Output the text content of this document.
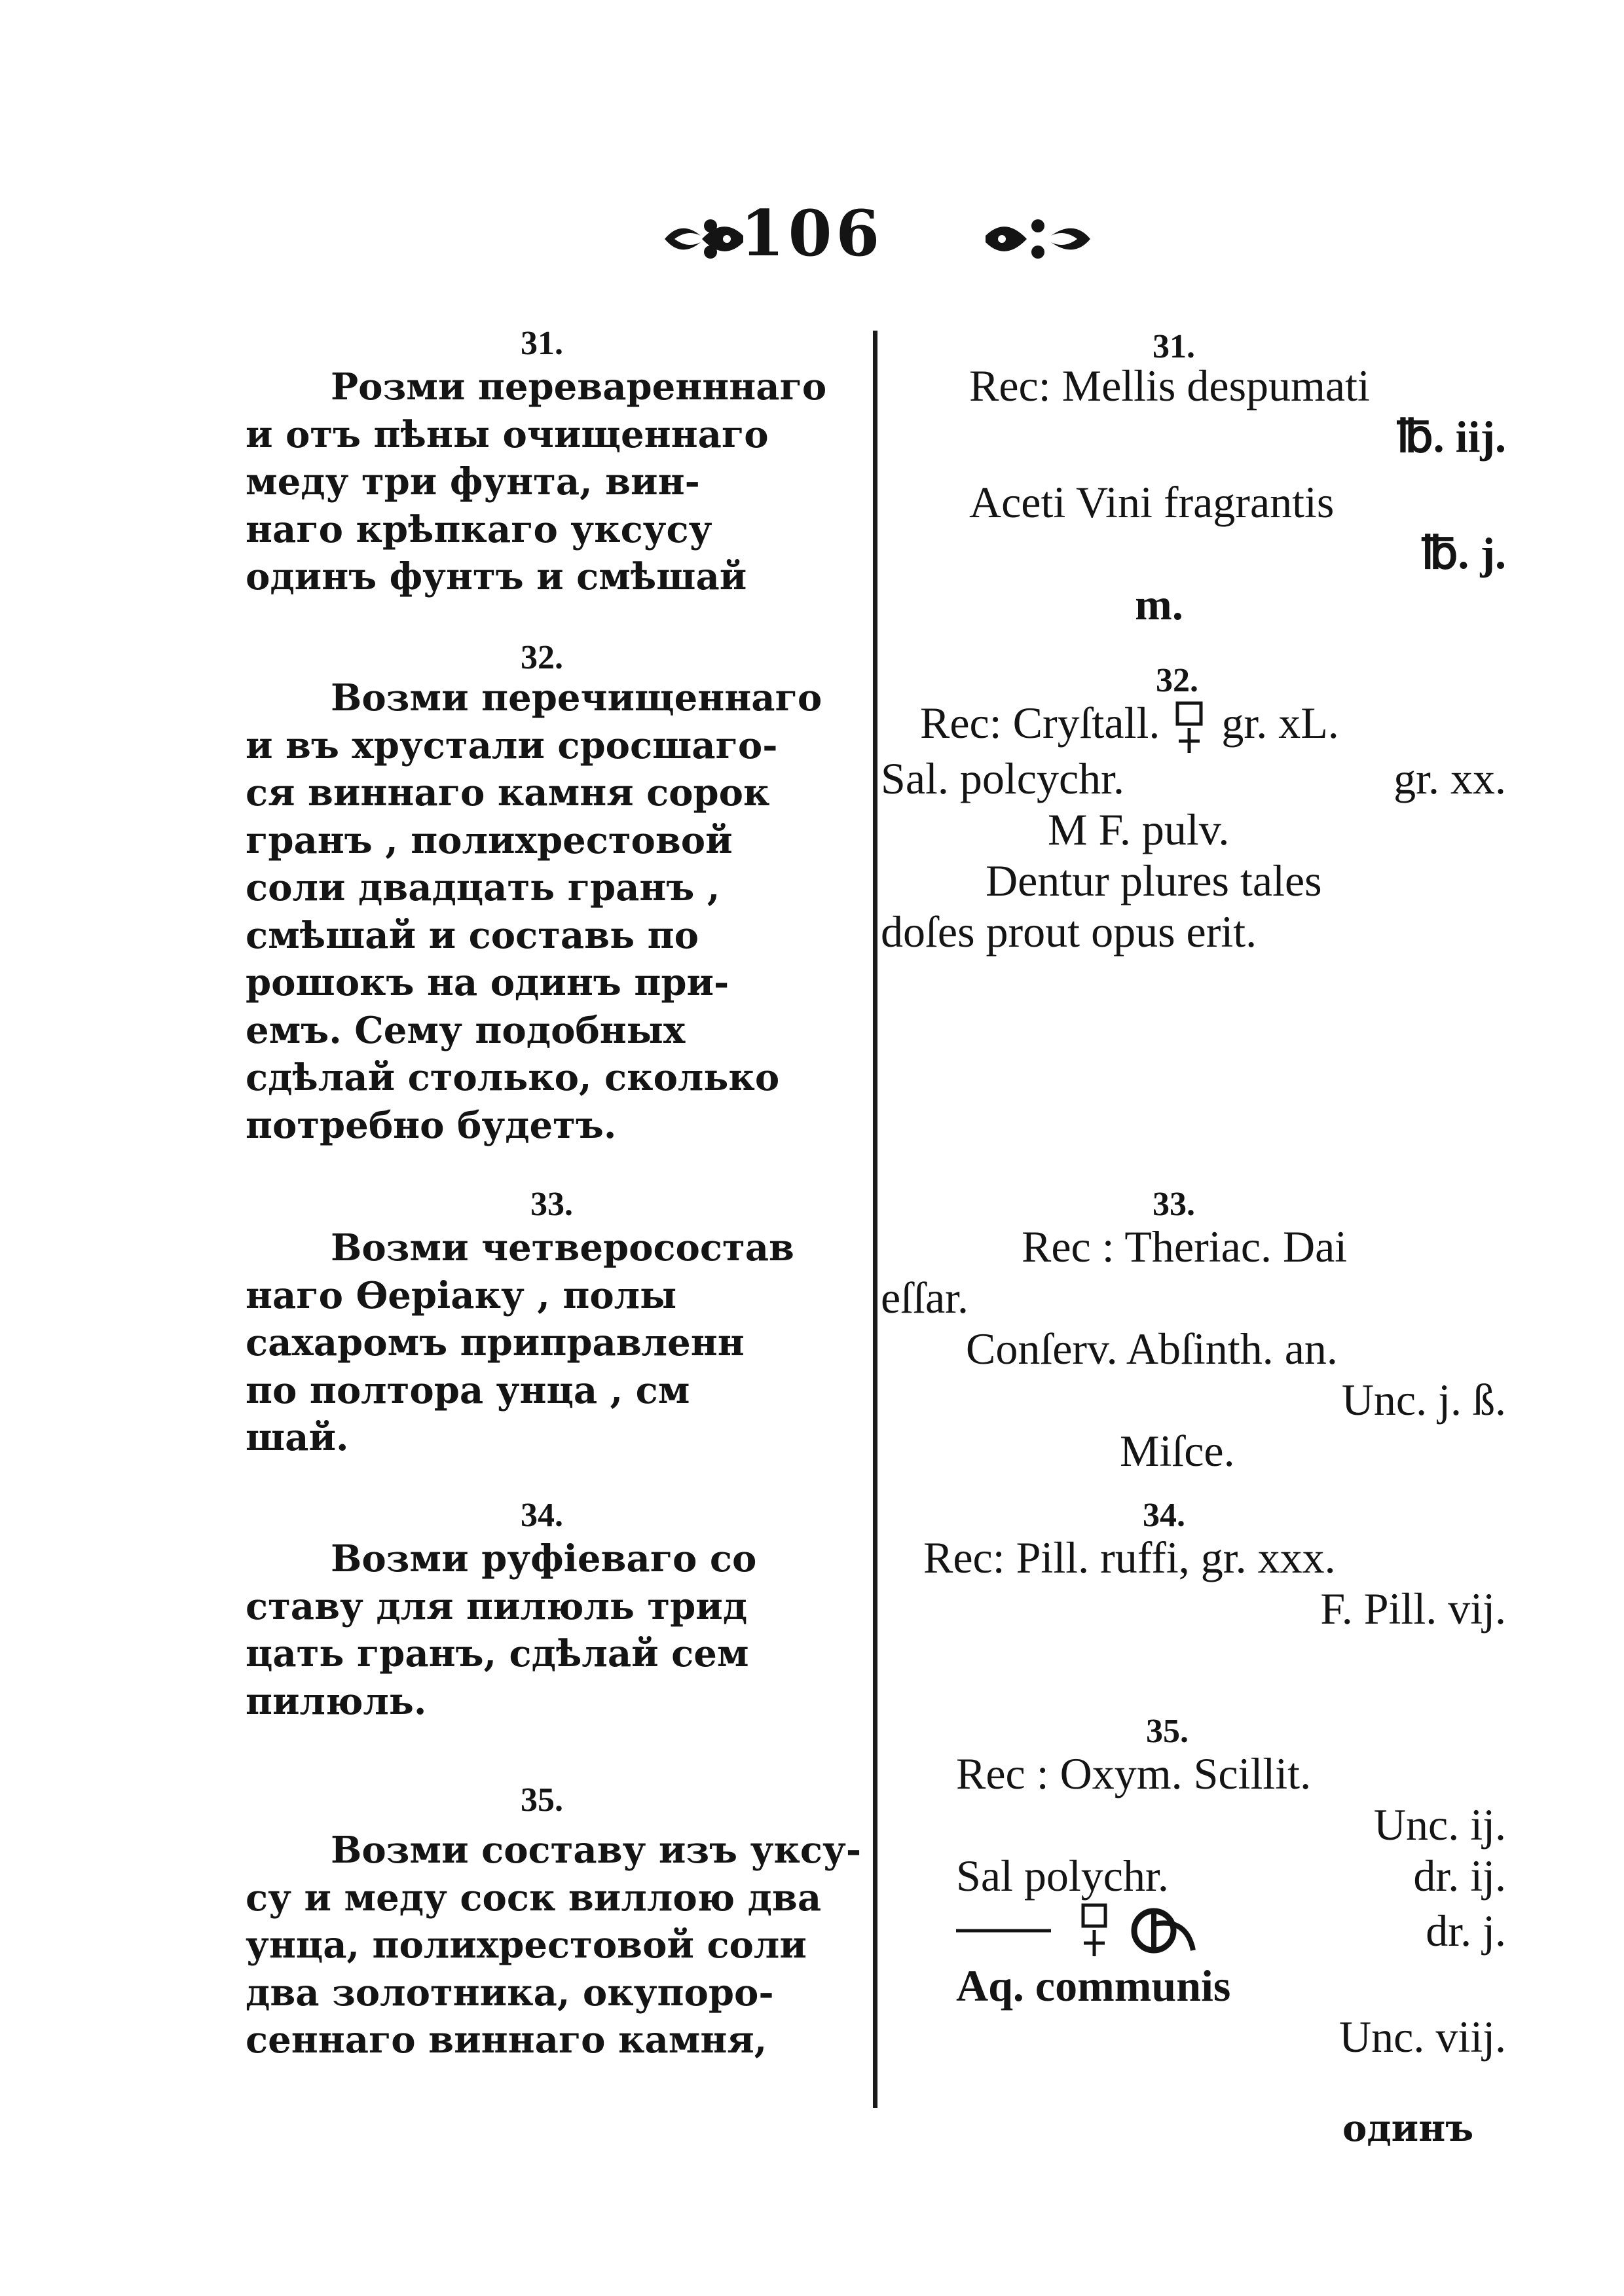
106
31.
Розми переваренннаго
и отъ пѣны очищеннаго
меду три фунта, вин-
наго крѣпкаго уксусу
одинъ фунтъ и смѣшай
32.
Возми перечищеннаго
и въ хрустали сросшаго-
ся виннаго камня сорок
гранъ , полихрестовой
соли двадцать гранъ ,
смѣшай и составь по
рошокъ на одинъ при-
емъ. Сему подобных
сдѣлай столько, сколько
потребно будетъ.
33.
Возми четверосостав
наго Ѳеріаку , полы
сахаромъ приправленн
по полтора унца , см
шай.
34.
Возми руфіеваго со
ставу для пилюль трид
цать гранъ, сдѣлай сем
пилюль.
35.
Возми составу изъ уксу-
су и меду соск виллою два
унца, полихрестовой соли
два золотника, окупоро-
сеннаго виннаго камня,
31.
Rec: Mellis despumati
℔. iij.
Aceti Vini fragrantis
℔. j.
m.
32.
Rec: Cryſtall. gr. xL.
Sal. polcychr.	gr. xx.
M F. pulv.
Dentur plures tales
doſes prout opus erit.
33.
Rec : Theriac. Dai
eſſar.
Conſerv. Abſinth. an.
Unc. j. ß.
Miſce.
34.
Rec: Pill. ruffi, gr. xxx.
F. Pill. vij.
35.
Rec : Oxym. Scillit.
Unc. ij.
Sal polychr.	dr. ij.
dr. j.
Aq. communis
Unc. viij.
одинъ
